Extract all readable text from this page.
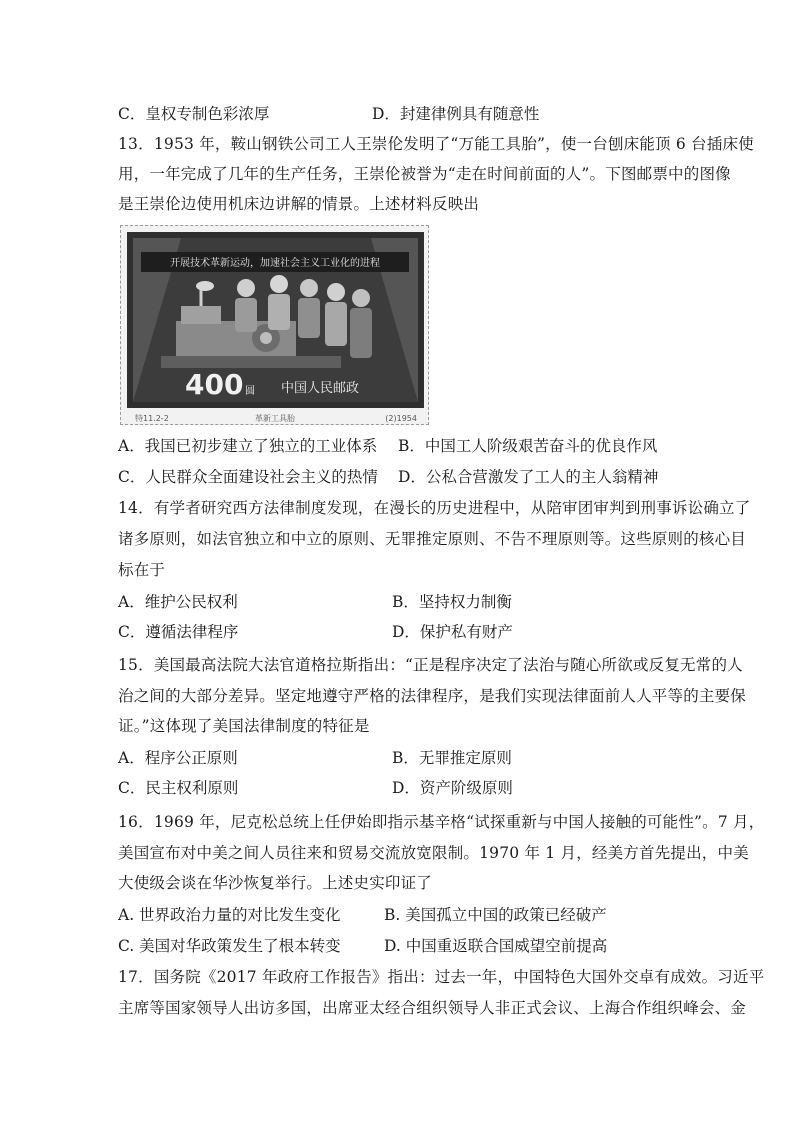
C．皇权专制色彩浓厚	D．封建律例具有随意性
13．1953 年，鞍山钢铁公司工人王崇伦发明了“万能工具胎”，使一台刨床能顶 6 台插床使
用，一年完成了几年的生产任务，王崇伦被誉为“走在时间前面的人”。下图邮票中的图像
是王崇伦边使用机床边讲解的情景。上述材料反映出
开展技术革新运动，加速社会主义工业化的进程
400 圆 中国人民邮政
特11.2-2	革新工具胎	(2)1954
A．我国已初步建立了独立的工业体系 B．中国工人阶级艰苦奋斗的优良作风
C．人民群众全面建设社会主义的热情 D．公私合营激发了工人的主人翁精神
14．有学者研究西方法律制度发现，在漫长的历史进程中，从陪审团审判到刑事诉讼确立了
诸多原则，如法官独立和中立的原则、无罪推定原则、不告不理原则等。这些原则的核心目
标在于
A．维护公民权利	B．坚持权力制衡
C．遵循法律程序	D．保护私有财产
15．美国最高法院大法官道格拉斯指出：“正是程序决定了法治与随心所欲或反复无常的人
治之间的大部分差异。坚定地遵守严格的法律程序，是我们实现法律面前人人平等的主要保
证。”这体现了美国法律制度的特征是
A．程序公正原则	B．无罪推定原则
C．民主权利原则	D．资产阶级原则
16．1969 年，尼克松总统上任伊始即指示基辛格“试探重新与中国人接触的可能性”。7 月，
美国宣布对中美之间人员往来和贸易交流放宽限制。1970 年 1 月，经美方首先提出，中美
大使级会谈在华沙恢复举行。上述史实印证了
A. 世界政治力量的对比发生变化	B. 美国孤立中国的政策已经破产
C. 美国对华政策发生了根本转变	D. 中国重返联合国威望空前提高
17．国务院《2017 年政府工作报告》指出：过去一年，中国特色大国外交卓有成效。习近平
主席等国家领导人出访多国，出席亚太经合组织领导人非正式会议、上海合作组织峰会、金
